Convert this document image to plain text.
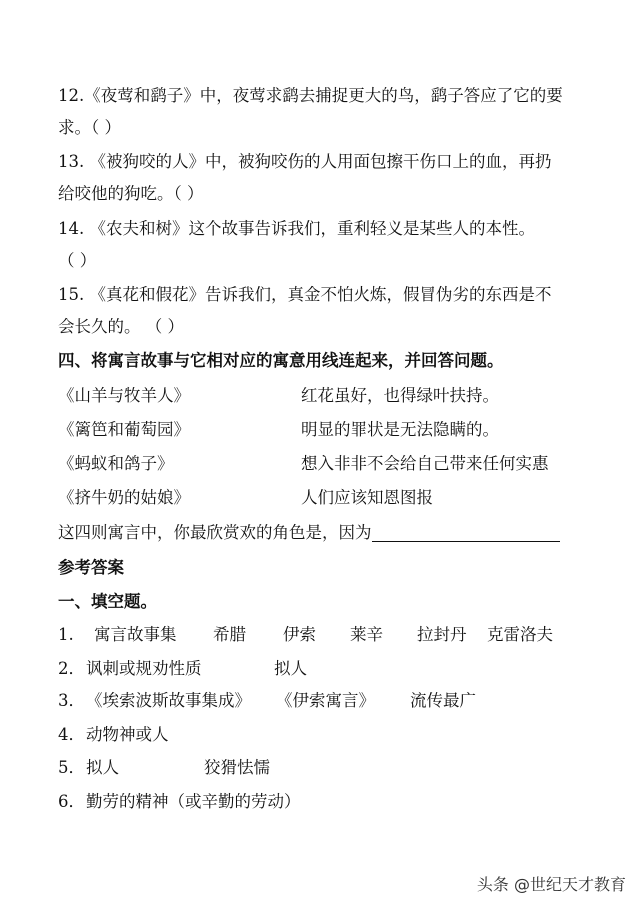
12.《夜莺和鹞子》中，夜莺求鹞去捕捉更大的鸟，鹞子答应了它的要
求。（ ）
13. 《被狗咬的人》中，被狗咬伤的人用面包擦干伤口上的血，再扔
给咬他的狗吃。（ ）
14. 《农夫和树》这个故事告诉我们，重利轻义是某些人的本性。
（ ）
15. 《真花和假花》告诉我们，真金不怕火炼，假冒伪劣的东西是不
会长久的。 （ ）
四、将寓言故事与它相对应的寓意用线连起来，并回答问题。
《山羊与牧羊人》	红花虽好，也得绿叶扶持。
《篱笆和葡萄园》	明显的罪状是无法隐瞒的。
《蚂蚁和鸽子》	想入非非不会给自己带来任何实惠
《挤牛奶的姑娘》	人们应该知恩图报
这四则寓言中，你最欣赏欢的角色是，因为
参考答案
一、填空题。
1. 寓言故事集 希腊 伊索 莱辛 拉封丹 克雷洛夫
2．讽刺或规劝性质	拟人
3．《埃索波斯故事集成》 《伊索寓言》 流传最广
4．动物神或人
5．拟人	狡猾怯懦
6．勤劳的精神（或辛勤的劳动）
头条 @世纪天才教育
